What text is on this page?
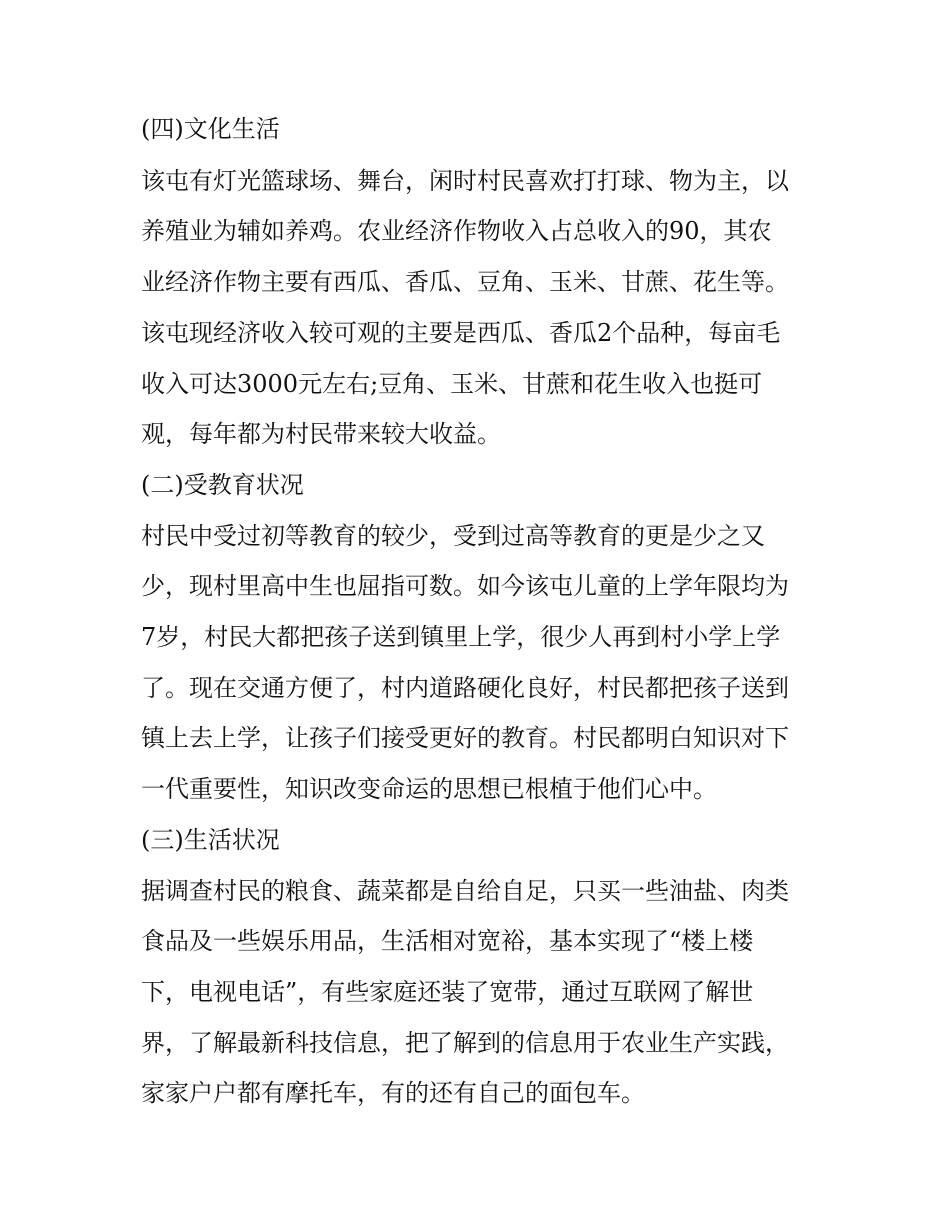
(四)文化生活
该屯有灯光篮球场、舞台，闲时村民喜欢打打球、物为主，以
养殖业为辅如养鸡。农业经济作物收入占总收入的90，其农
业经济作物主要有西瓜、香瓜、豆角、玉米、甘蔗、花生等。
该屯现经济收入较可观的主要是西瓜、香瓜2个品种，每亩毛
收入可达3000元左右;豆角、玉米、甘蔗和花生收入也挺可
观，每年都为村民带来较大收益。
(二)受教育状况
村民中受过初等教育的较少，受到过高等教育的更是少之又
少，现村里高中生也屈指可数。如今该屯儿童的上学年限均为
7岁，村民大都把孩子送到镇里上学，很少人再到村小学上学
了。现在交通方便了，村内道路硬化良好，村民都把孩子送到
镇上去上学，让孩子们接受更好的教育。村民都明白知识对下
一代重要性，知识改变命运的思想已根植于他们心中。
(三)生活状况
据调查村民的粮食、蔬菜都是自给自足，只买一些油盐、肉类
食品及一些娱乐用品，生活相对宽裕，基本实现了“楼上楼
下，电视电话”，有些家庭还装了宽带，通过互联网了解世
界，了解最新科技信息，把了解到的信息用于农业生产实践，
家家户户都有摩托车，有的还有自己的面包车。
